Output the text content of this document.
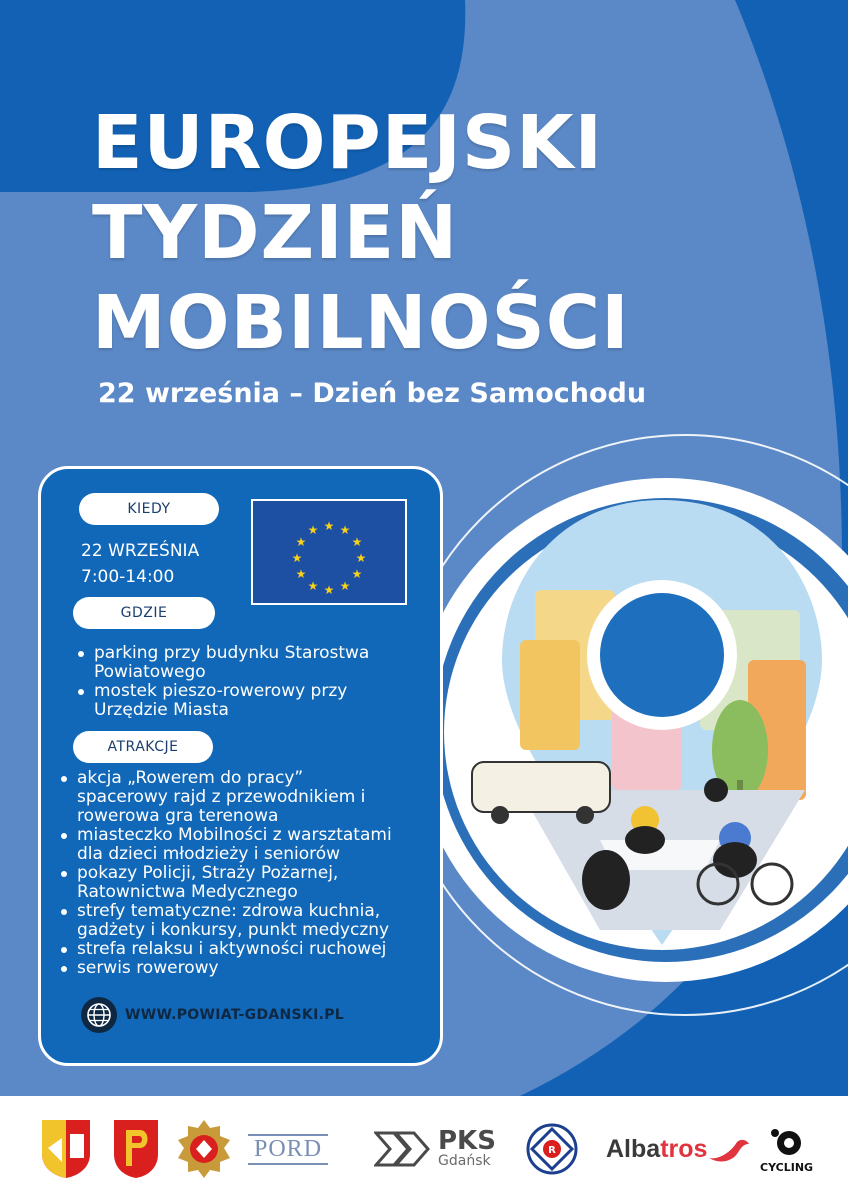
EUROPEJSKI
TYDZIEŃ
MOBILNOŚCI
22 września – Dzień bez Samochodu
KIEDY
22 WRZEŚNIA
7:00-14:00
★ ★
★
★
★
★
★
★
★
★
★
★
GDZIE
parking przy budynku Starostwa
Powiatowego
mostek pieszo-rowerowy przy
Urzędzie Miasta
ATRAKCJE
akcja „Rowerem do pracy”
spacerowy rajd z przewodnikiem i
rowerowa gra terenowa
miasteczko Mobilności z warsztatami
dla dzieci młodzieży i seniorów
pokazy Policji, Straży Pożarnej,
Ratownictwa Medycznego
strefy tematyczne: zdrowa kuchnia,
gadżety i konkursy, punkt medyczny
strefa relaksu i aktywności ruchowej
serwis rowerowy
WWW.POWIAT-GDANSKI.PL
PORD	PKS
Gdańsk
R Albatros
CYCLING
